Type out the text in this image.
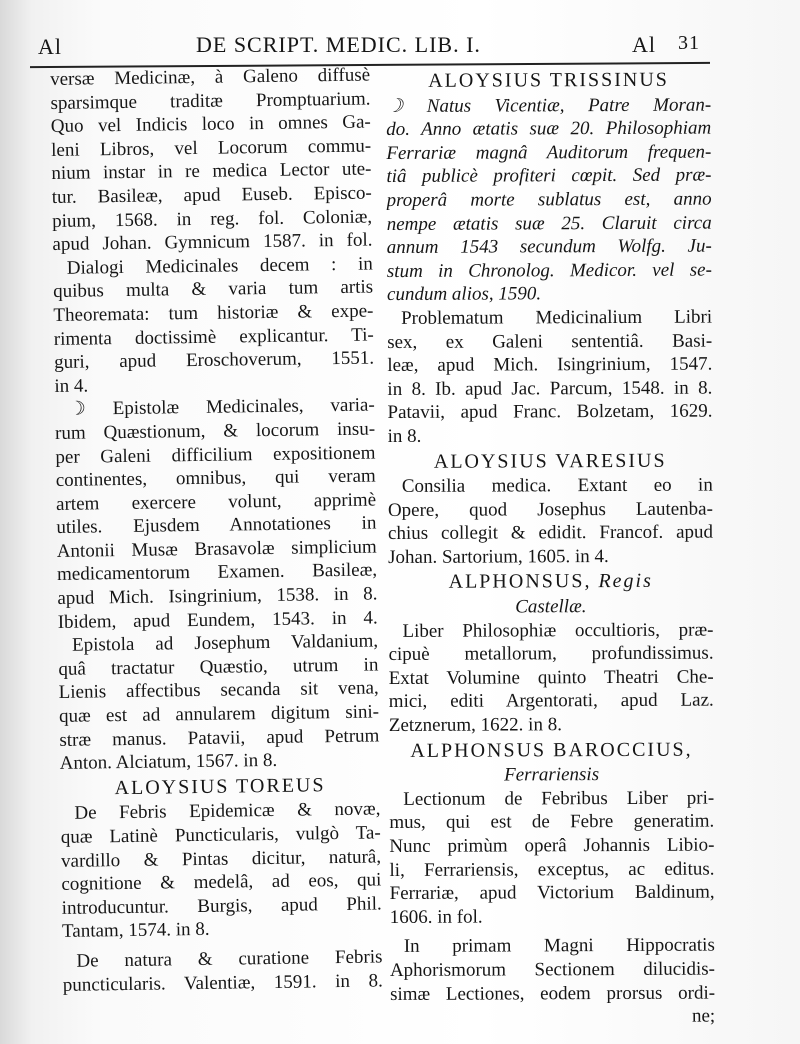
Al	DE SCRIPT. MEDIC. LIB. I.	Al 31
versæ Medicinæ, à Galeno diffusè
sparsimque traditæ Promptuarium.
Quo vel Indicis loco in omnes Ga-
leni Libros, vel Locorum commu-
nium instar in re medica Lector ute-
tur. Basileæ, apud Euseb. Episco-
pium, 1568. in reg. fol. Coloniæ,
apud Johan. Gymnicum 1587. in fol.
Dialogi Medicinales decem : in
quibus multa & varia tum artis
Theoremata: tum historiæ & expe-
rimenta doctissimè explicantur. Ti-
guri, apud Eroschoverum, 1551.
in 4.
☽ Epistolæ Medicinales, varia-
rum Quæstionum, & locorum insu-
per Galeni difficilium expositionem
continentes, omnibus, qui veram
artem exercere volunt, apprimè
utiles. Ejusdem Annotationes in
Antonii Musæ Brasavolæ simplicium
medicamentorum Examen. Basileæ,
apud Mich. Isingrinium, 1538. in 8.
Ibidem, apud Eundem, 1543. in 4.
Epistola ad Josephum Valdanium,
quâ tractatur Quæstio, utrum in
Lienis affectibus secanda sit vena,
quæ est ad annularem digitum sini-
stræ manus. Patavii, apud Petrum
Anton. Alciatum, 1567. in 8.
ALOYSIUS TOREUS
De Febris Epidemicæ & novæ,
quæ Latinè Puncticularis, vulgò Ta-
vardillo & Pintas dicitur, naturâ,
cognitione & medelâ, ad eos, qui
introducuntur. Burgis, apud Phil.
Tantam, 1574. in 8.
De natura & curatione Febris
puncticularis. Valentiæ, 1591. in 8.
ALOYSIUS TRISSINUS
☽ Natus Vicentiæ, Patre Moran-
do. Anno ætatis suæ 20. Philosophiam
Ferrariæ magnâ Auditorum frequen-
tiâ publicè profiteri cœpit. Sed præ-
properâ morte sublatus est, anno
nempe ætatis suæ 25. Claruit circa
annum 1543 secundum Wolfg. Ju-
stum in Chronolog. Medicor. vel se-
cundum alios, 1590.
Problematum Medicinalium Libri
sex, ex Galeni sententiâ. Basi-
leæ, apud Mich. Isingrinium, 1547.
in 8. Ib. apud Jac. Parcum, 1548. in 8.
Patavii, apud Franc. Bolzetam, 1629.
in 8.
ALOYSIUS VARESIUS
Consilia medica. Extant eo in
Opere, quod Josephus Lautenba-
chius collegit & edidit. Francof. apud
Johan. Sartorium, 1605. in 4.
ALPHONSUS, Regis
Castellæ.
Liber Philosophiæ occultioris, præ-
cipuè metallorum, profundissimus.
Extat Volumine quinto Theatri Che-
mici, editi Argentorati, apud Laz.
Zetznerum, 1622. in 8.
ALPHONSUS BAROCCIUS,
Ferrariensis
Lectionum de Febribus Liber pri-
mus, qui est de Febre generatim.
Nunc primùm operâ Johannis Libio-
li, Ferrariensis, exceptus, ac editus.
Ferrariæ, apud Victorium Baldinum,
1606. in fol.
In primam Magni Hippocratis
Aphorismorum Sectionem dilucidis-
simæ Lectiones, eodem prorsus ordi-
ne;
